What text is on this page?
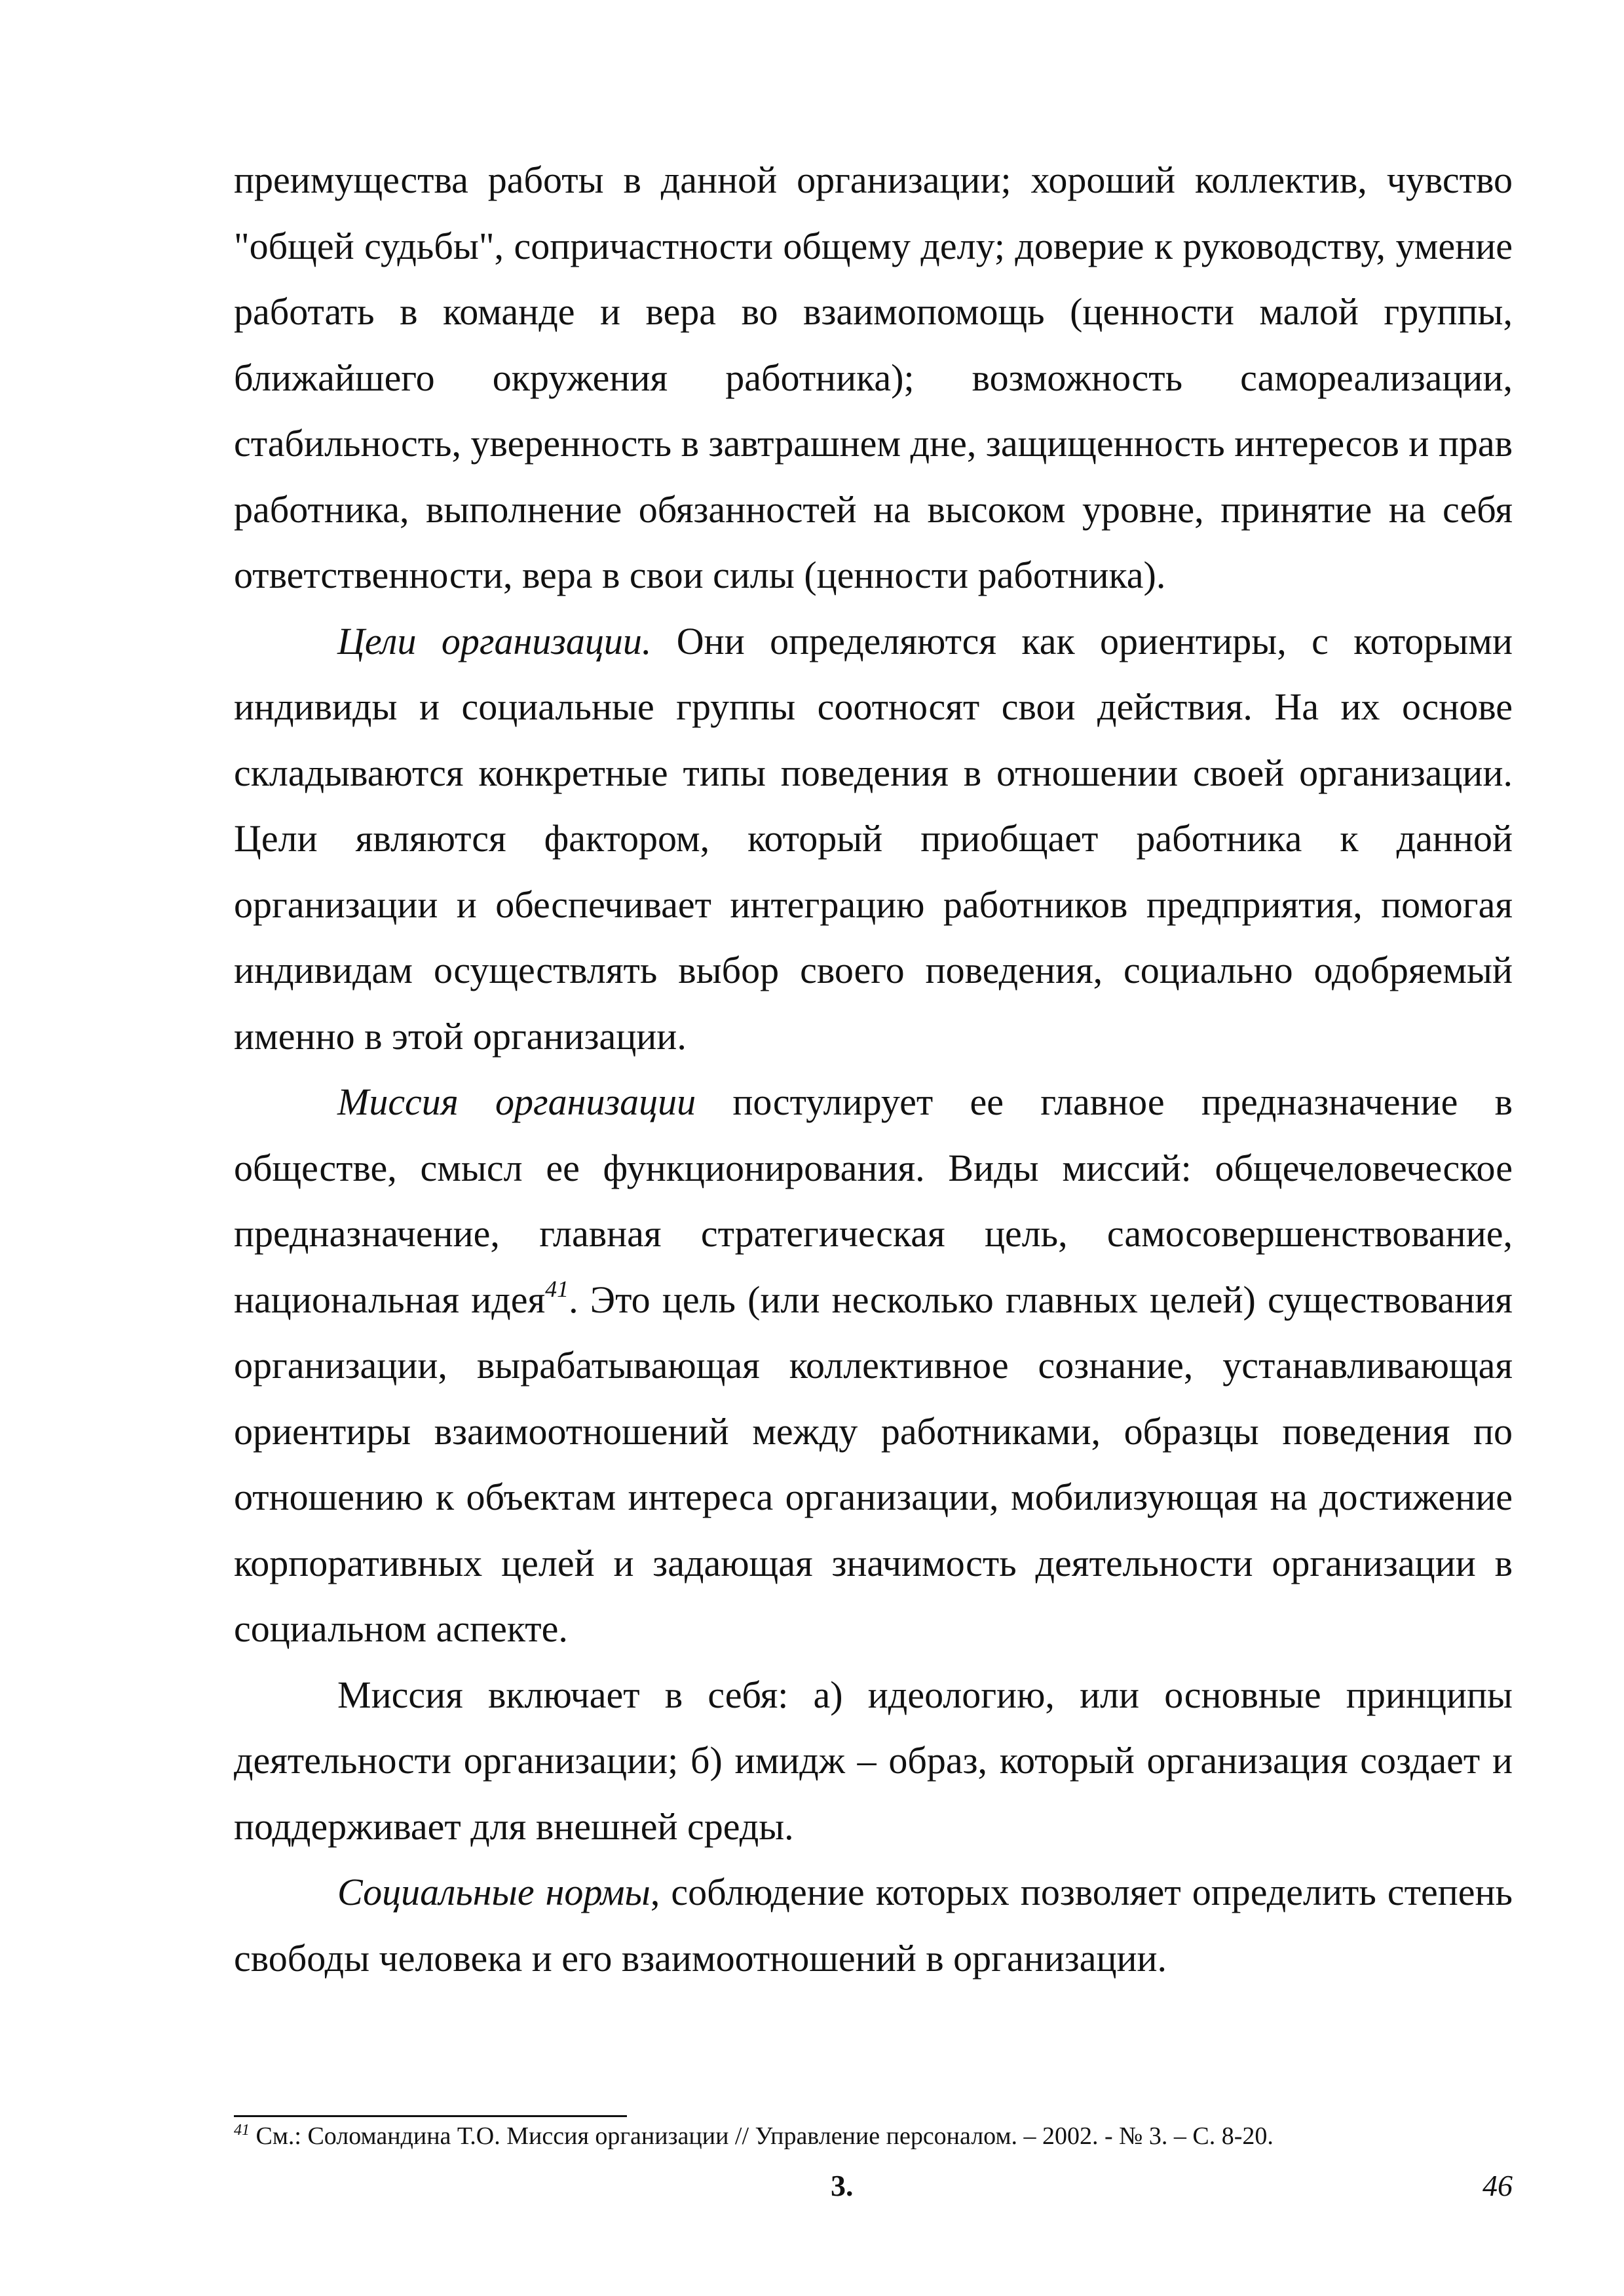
преимущества работы в данной организации; хороший коллектив, чувство "общей судьбы", сопричастности общему делу; доверие к руководству, умение работать в команде и вера во взаимопомощь (ценности малой группы, ближайшего окружения работника); возможность самореализации, стабильность, уверенность в завтрашнем дне, защищенность интересов и прав работника, выполнение обязанностей на высоком уровне, принятие на себя ответственности, вера в свои силы (ценности работника).

Цели организации. Они определяются как ориентиры, с которыми индивиды и социальные группы соотносят свои действия. На их основе складываются конкретные типы поведения в отношении своей организации. Цели являются фактором, который приобщает работника к данной организации и обеспечивает интеграцию работников предприятия, помогая индивидам осуществлять выбор своего поведения, социально одобряемый именно в этой организации.

Миссия организации постулирует ее главное предназначение в обществе, смысл ее функционирования. Виды миссий: общечеловеческое предназначение, главная стратегическая цель, самосовершенствование, национальная идея$^{41}$. Это цель (или несколько главных целей) существования организации, вырабатывающая коллективное сознание, устанавливающая ориентиры взаимоотношений между работниками, образцы поведения по отношению к объектам интереса организации, мобилизующая на достижение корпоративных целей и задающая значимость деятельности организации в социальном аспекте.

Миссия включает в себя: а) идеологию, или основные принципы деятельности организации; б) имидж – образ, который организация создает и поддерживает для внешней среды.

Социальные нормы, соблюдение которых позволяет определить степень свободы человека и его взаимоотношений в организации.

$^{41}$ См.: Соломандина Т.О. Миссия организации // Управление персоналом. – 2002. - № 3. – С. 8-20.
3.	46
